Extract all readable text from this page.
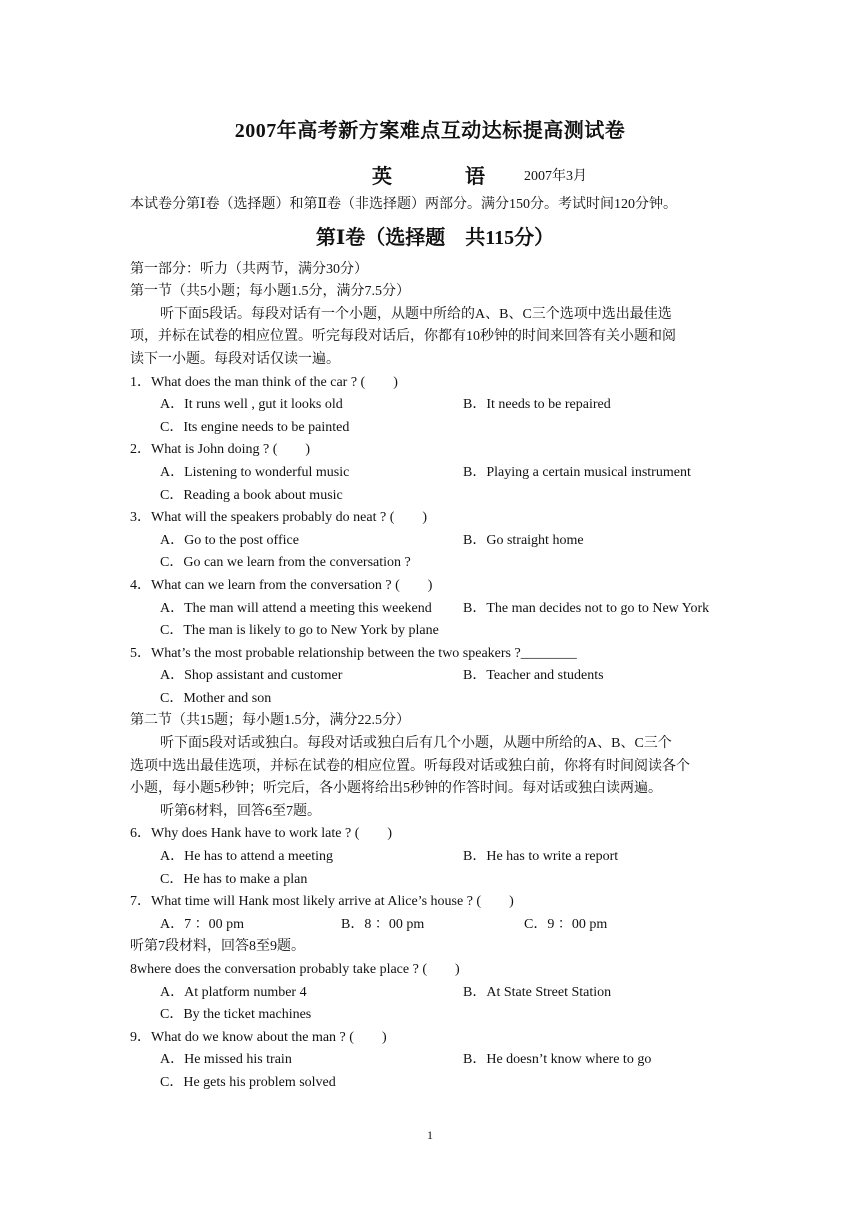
2007年高考新方案难点互动达标提高测试卷
英 语 2007年3月
本试卷分第Ⅰ卷（选择题）和第Ⅱ卷（非选择题）两部分。满分150分。考试时间120分钟。
第Ⅰ卷（选择题　共115分）
第一部分：听力（共两节，满分30分）
第一节（共5小题；每小题1.5分，满分7.5分）
听下面5段话。每段对话有一个小题，从题中所给的A、B、C三个选项中选出最佳选
项，并标在试卷的相应位置。听完每段对话后，你都有10秒钟的时间来回答有关小题和阅
读下一小题。每段对话仅读一遍。
1．What does the man think of the car ? (　　)
A．It runs well , gut it looks old	B．It needs to be repaired
C．Its engine needs to be painted
2．What is John doing ? (　　)
A．Listening to wonderful music	B．Playing a certain musical instrument
C．Reading a book about music
3．What will the speakers probably do neat ? (　　)
A．Go to the post office	B．Go straight home
C．Go can we learn from the conversation ?
4．What can we learn from the conversation ? (　　)
A．The man will attend a meeting this weekend B．The man decides not to go to New York
C．The man is likely to go to New York by plane
5．What’s the most probable relationship between the two speakers ?________
A．Shop assistant and customer	B．Teacher and students
C．Mother and son
第二节（共15题；每小题1.5分，满分22.5分）
听下面5段对话或独白。每段对话或独白后有几个小题，从题中所给的A、B、C三个
选项中选出最佳选项，并标在试卷的相应位置。听每段对话或独白前，你将有时间阅读各个
小题，每小题5秒钟；听完后，各小题将给出5秒钟的作答时间。每对话或独白读两遍。
听第6材料，回答6至7题。
6．Why does Hank have to work late ? (　　)
A．He has to attend a meeting	B．He has to write a report
C．He has to make a plan
7．What time will Hank most likely arrive at Alice’s house ? (　　)
A．7 ：00 pm	B．8 ：00 pm	C．9 ：00 pm
听第7段材料，回答8至9题。
8where does the conversation probably take place ? (　　)
A．At platform number 4	B．At State Street Station
C．By the ticket machines
9．What do we know about the man ? (　　)
A．He missed his train	B．He doesn’t know where to go
C．He gets his problem solved
1
